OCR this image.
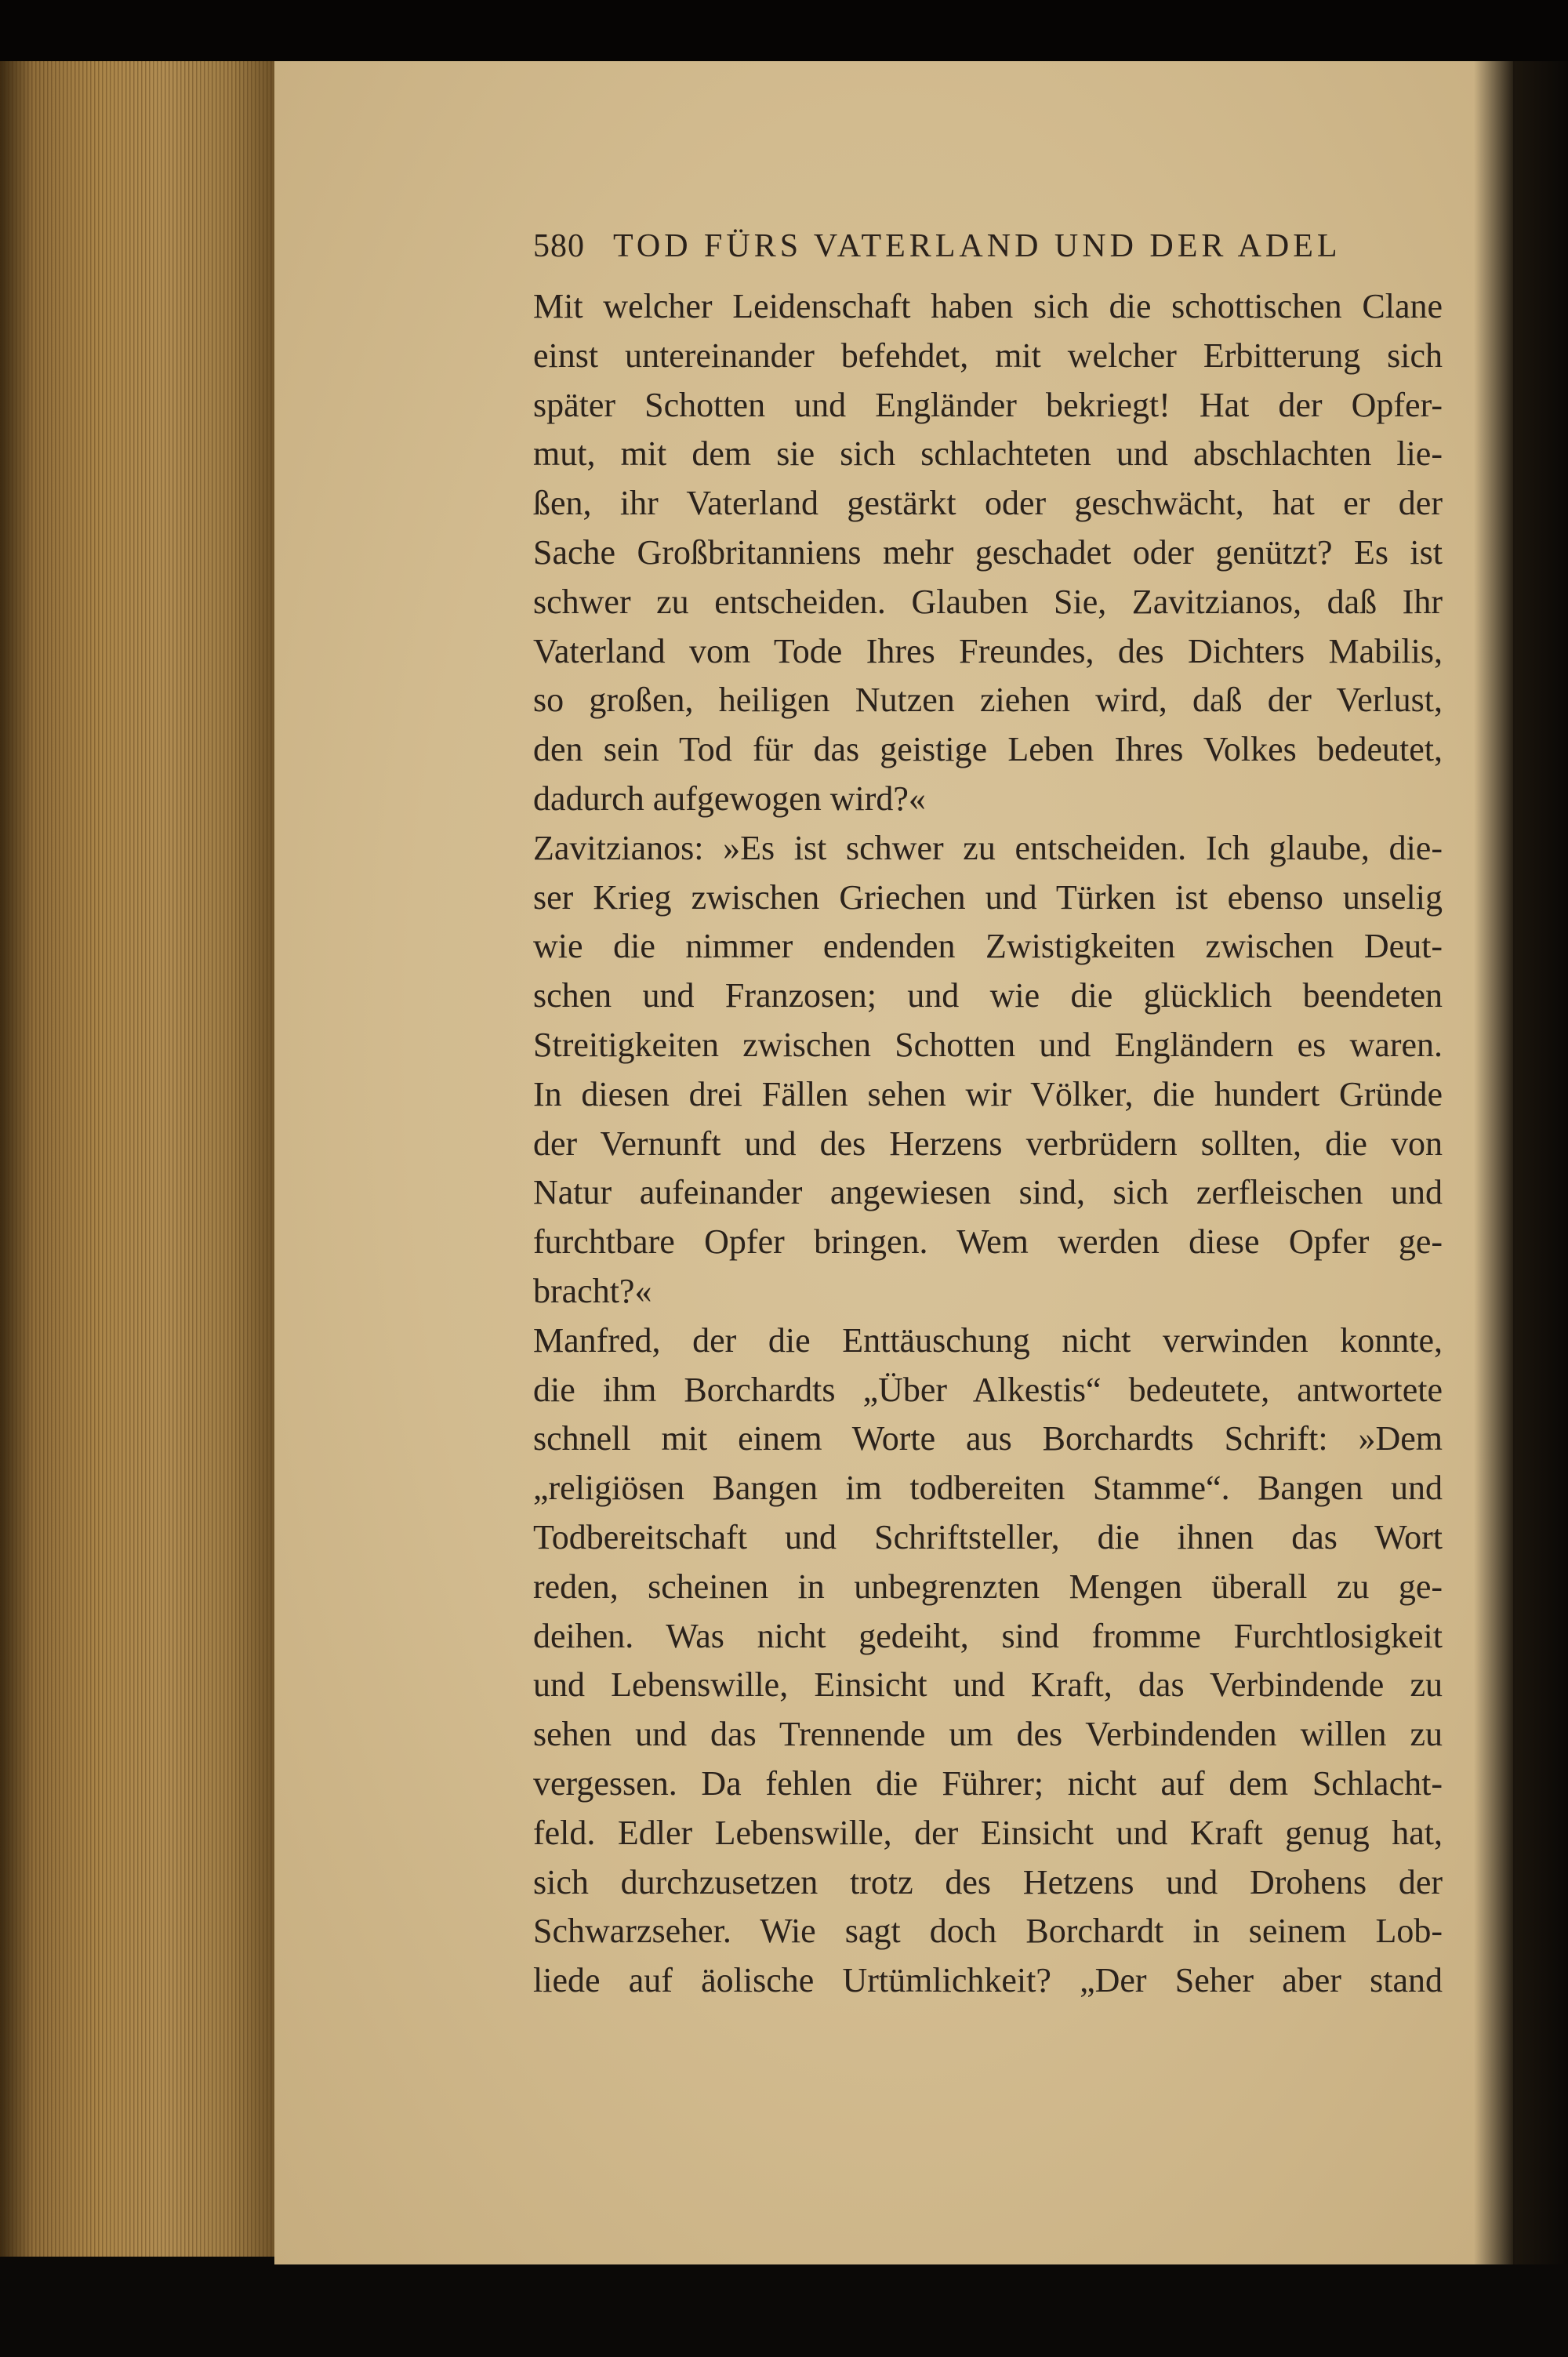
580 TOD FÜRS VATERLAND UND DER ADEL
Mit welcher Leidenschaft haben sich die schottischen Clane
einst untereinander befehdet, mit welcher Erbitterung sich
später Schotten und Engländer bekriegt! Hat der Opfer-
mut, mit dem sie sich schlachteten und abschlachten lie-
ßen, ihr Vaterland gestärkt oder geschwächt, hat er der
Sache Großbritanniens mehr geschadet oder genützt? Es ist
schwer zu entscheiden. Glauben Sie, Zavitzianos, daß Ihr
Vaterland vom Tode Ihres Freundes, des Dichters Mabilis,
so großen, heiligen Nutzen ziehen wird, daß der Verlust,
den sein Tod für das geistige Leben Ihres Volkes bedeutet,
dadurch aufgewogen wird?«
Zavitzianos: »Es ist schwer zu entscheiden. Ich glaube, die-
ser Krieg zwischen Griechen und Türken ist ebenso unselig
wie die nimmer endenden Zwistigkeiten zwischen Deut-
schen und Franzosen; und wie die glücklich beendeten
Streitigkeiten zwischen Schotten und Engländern es waren.
In diesen drei Fällen sehen wir Völker, die hundert Gründe
der Vernunft und des Herzens verbrüdern sollten, die von
Natur aufeinander angewiesen sind, sich zerfleischen und
furchtbare Opfer bringen. Wem werden diese Opfer ge-
bracht?«
Manfred, der die Enttäuschung nicht verwinden konnte,
die ihm Borchardts „Über Alkestis“ bedeutete, antwortete
schnell mit einem Worte aus Borchardts Schrift: »Dem
„religiösen Bangen im todbereiten Stamme“. Bangen und
Todbereitschaft und Schriftsteller, die ihnen das Wort
reden, scheinen in unbegrenzten Mengen überall zu ge-
deihen. Was nicht gedeiht, sind fromme Furchtlosigkeit
und Lebenswille, Einsicht und Kraft, das Verbindende zu
sehen und das Trennende um des Verbindenden willen zu
vergessen. Da fehlen die Führer; nicht auf dem Schlacht-
feld. Edler Lebenswille, der Einsicht und Kraft genug hat,
sich durchzusetzen trotz des Hetzens und Drohens der
Schwarzseher. Wie sagt doch Borchardt in seinem Lob-
liede auf äolische Urtümlichkeit? „Der Seher aber stand
